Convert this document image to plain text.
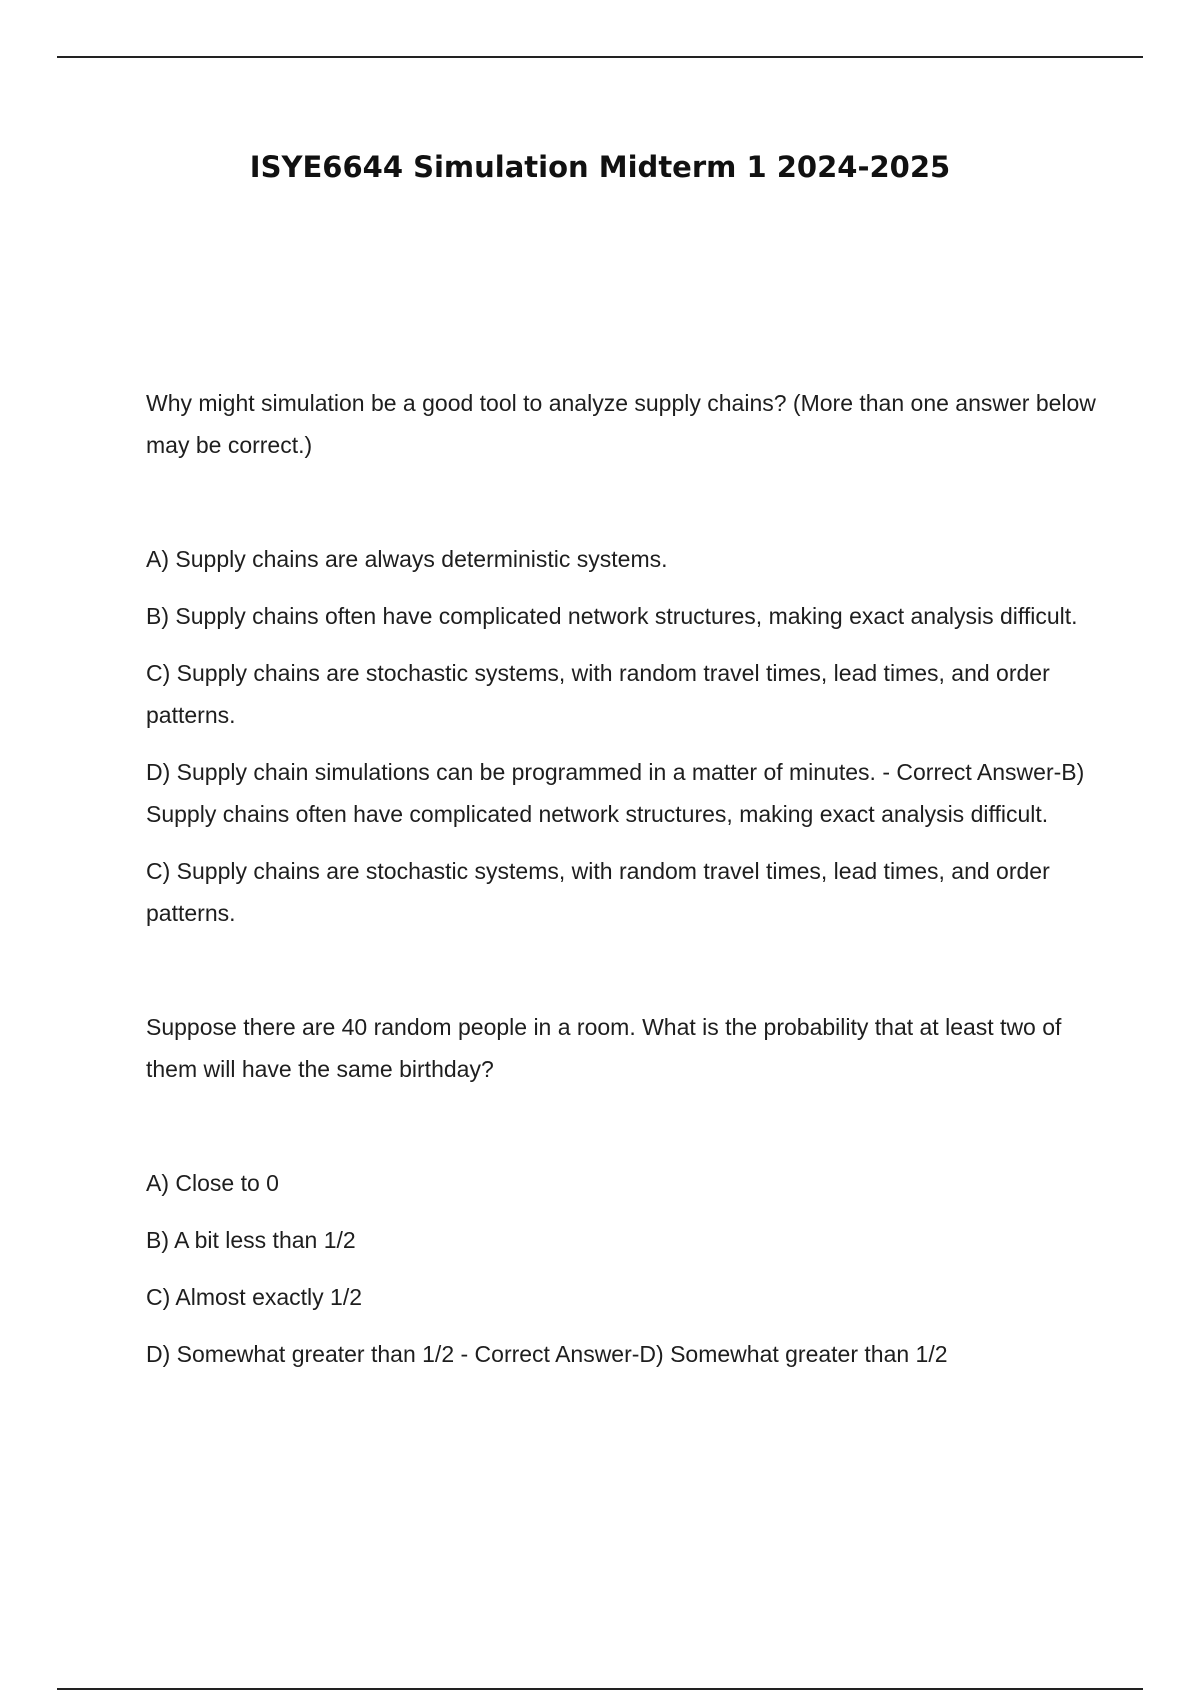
ISYE6644 Simulation Midterm 1 2024-2025

Why might simulation be a good tool to analyze supply chains? (More than one answer below may be correct.)

A) Supply chains are always deterministic systems.

B) Supply chains often have complicated network structures, making exact analysis difficult.

C) Supply chains are stochastic systems, with random travel times, lead times, and order patterns.

D) Supply chain simulations can be programmed in a matter of minutes. - Correct Answer-B) Supply chains often have complicated network structures, making exact analysis difficult.

C) Supply chains are stochastic systems, with random travel times, lead times, and order patterns.

Suppose there are 40 random people in a room. What is the probability that at least two of them will have the same birthday?

A) Close to 0

B) A bit less than 1/2

C) Almost exactly 1/2

D) Somewhat greater than 1/2 - Correct Answer-D) Somewhat greater than 1/2
